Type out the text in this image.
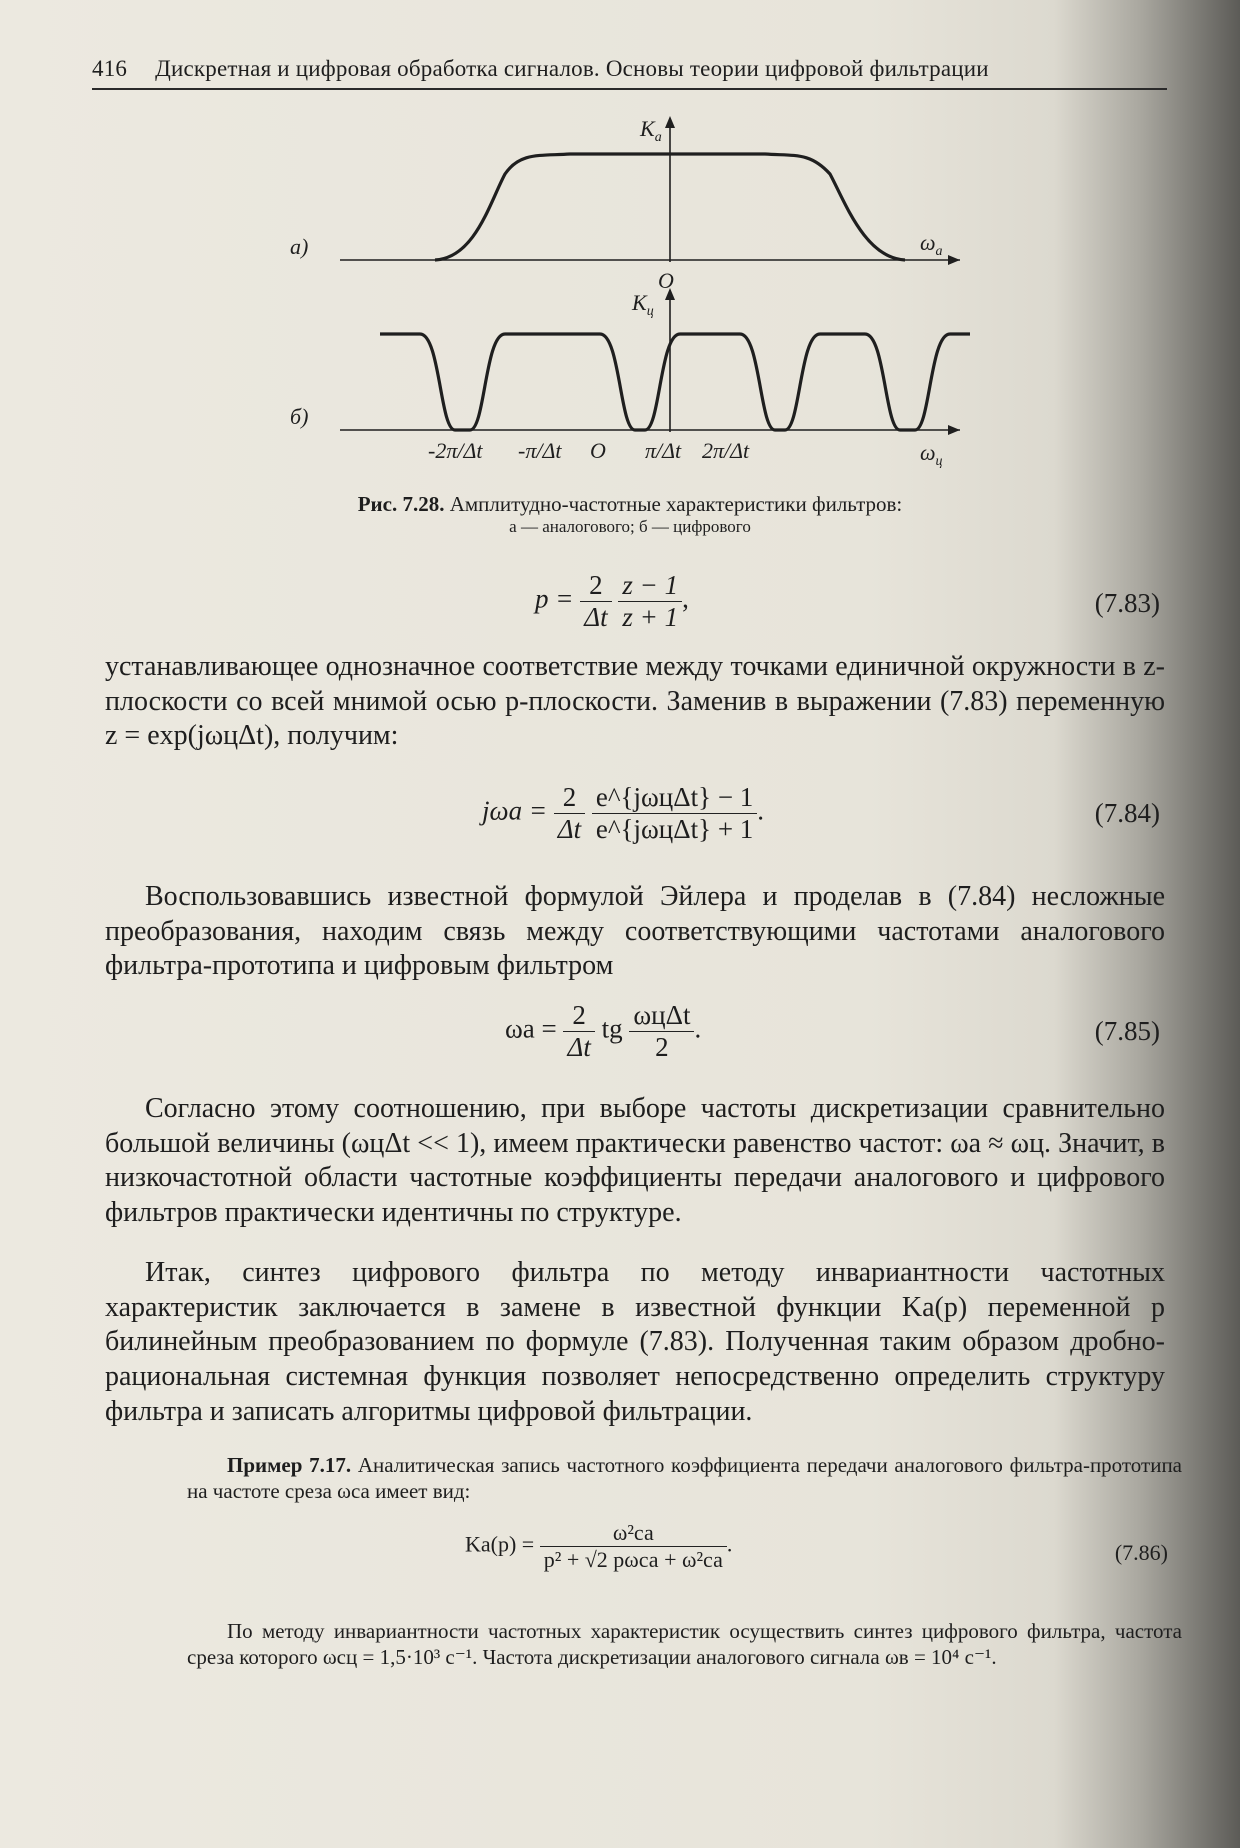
416 Дискретная и цифровая обработка сигналов. Основы теории цифровой фильтрации
а)
$K_а$
$\omega_а$
O
б)
$K_ц$
$\omega_ц$
-2π/Δt -π/Δt O π/Δt 2π/Δt
Рис. 7.28. Амплитудно-частотные характеристики фильтров:
а — аналогового; б — цифрового
$p = \frac{2}{\Delta t}$
$\frac{z - 1}{z + 1}$ ,	(7.83)
устанавливающее однозначное соответствие между точками единичной окружности в z-плоскости со всей мнимой осью p-плоскости. Заменив в выражении (7.83) переменную z = exp(jωцΔt), получим:
$j\omega а = \frac{2}{\Delta t}$
$\frac{\text{e\textasciicircum{}\{jωцΔt\} − 1}}{\text{e\textasciicircum{}\{jωцΔt\} + 1}}$ .	(7.84)
Воспользовавшись известной формулой Эйлера и проделав в (7.84) несложные преобразования, находим связь между соответствующими частотами аналогового фильтра-прототипа и цифровым фильтром
$\omega а = \frac{2}{\Delta t}$ tg $\frac{\text{ωцΔt}}{2}$ .	(7.85)
Согласно этому соотношению, при выборе частоты дискретизации сравнительно большой величины (ωцΔt << 1), имеем практически равенство частот: ωа ≈ ωц. Значит, в низкочастотной области частотные коэффициенты передачи аналогового и цифрового фильтров практически идентичны по структуре.
Итак, синтез цифрового фильтра по методу инвариантности частотных характеристик заключается в замене в известной функции Kа(p) переменной p билинейным преобразованием по формуле (7.83). Полученная таким образом дробно-рациональная системная функция позволяет непосредственно определить структуру фильтра и записать алгоритмы цифровой фильтрации.
Пример 7.17. Аналитическая запись частотного коэффициента передачи аналогового фильтра-прототипа на частоте среза ωса имеет вид:
$Kа(p) = \frac{\text{ω²са}}{\text{p² + √2 pωса + ω²са}}$ .	(7.86)
По методу инвариантности частотных характеристик осуществить синтез цифрового фильтра, частота среза которого ωсц = 1,5·10³ с⁻¹. Частота дискретизации аналогового сигнала ωв = 10⁴ с⁻¹.
